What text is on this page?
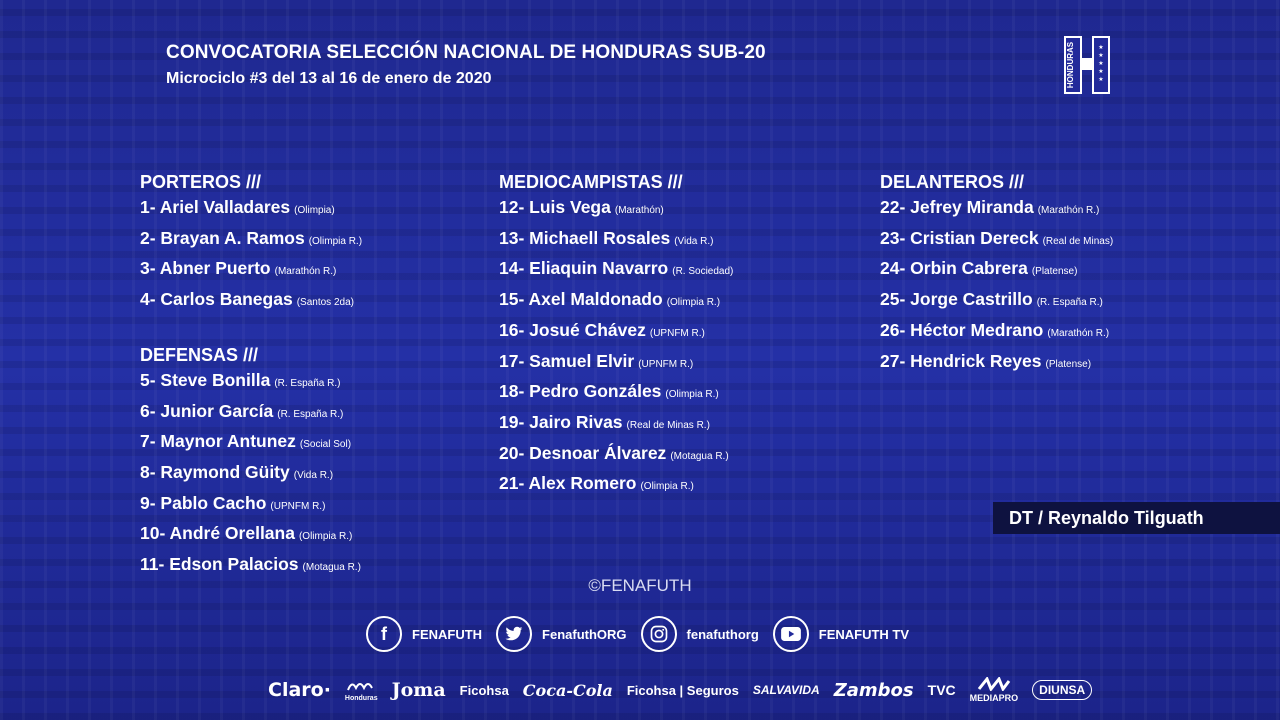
CONVOCATORIA SELECCIÓN NACIONAL DE HONDURAS SUB-20
Microciclo #3 del 13 al 16 de enero de 2020	HONDURAS	★
★
★
★
★
PORTEROS ///
1- Ariel Valladares (Olimpia)
2- Brayan A. Ramos (Olimpia R.)
3- Abner Puerto (Marathón R.)
4- Carlos Banegas (Santos 2da)
DEFENSAS ///
5- Steve Bonilla (R. España R.)
6- Junior García (R. España R.)
7- Maynor Antunez (Social Sol)
8- Raymond Güity (Vida R.)
9- Pablo Cacho (UPNFM R.)
10- André Orellana (Olimpia R.)
11- Edson Palacios (Motagua R.)
MEDIOCAMPISTAS ///
12- Luis Vega (Marathón)
13- Michaell Rosales (Vida R.)
14- Eliaquin Navarro (R. Sociedad)
15- Axel Maldonado (Olimpia R.)
16- Josué Chávez (UPNFM R.)
17- Samuel Elvir (UPNFM R.)
18- Pedro Gonzáles (Olimpia R.)
19- Jairo Rivas (Real de Minas R.)
20- Desnoar Álvarez (Motagua R.)
21- Alex Romero (Olimpia R.)
DELANTEROS ///
22- Jefrey Miranda (Marathón R.)
23- Cristian Dereck (Real de Minas)
24- Orbin Cabrera (Platense)
25- Jorge Castrillo (R. España R.)
26- Héctor Medrano (Marathón R.)
27- Hendrick Reyes (Platense)
DT / Reynaldo Tilguath
©FENAFUTH
f	FENAFUTH	FenafuthORG	fenafuthorg	FENAFUTH TV
Claro· Honduras Joma Ficohsa Coca-Cola Ficohsa | Seguros SALVAVIDA Zambos TVC MEDIAPRO
DIUNSA
